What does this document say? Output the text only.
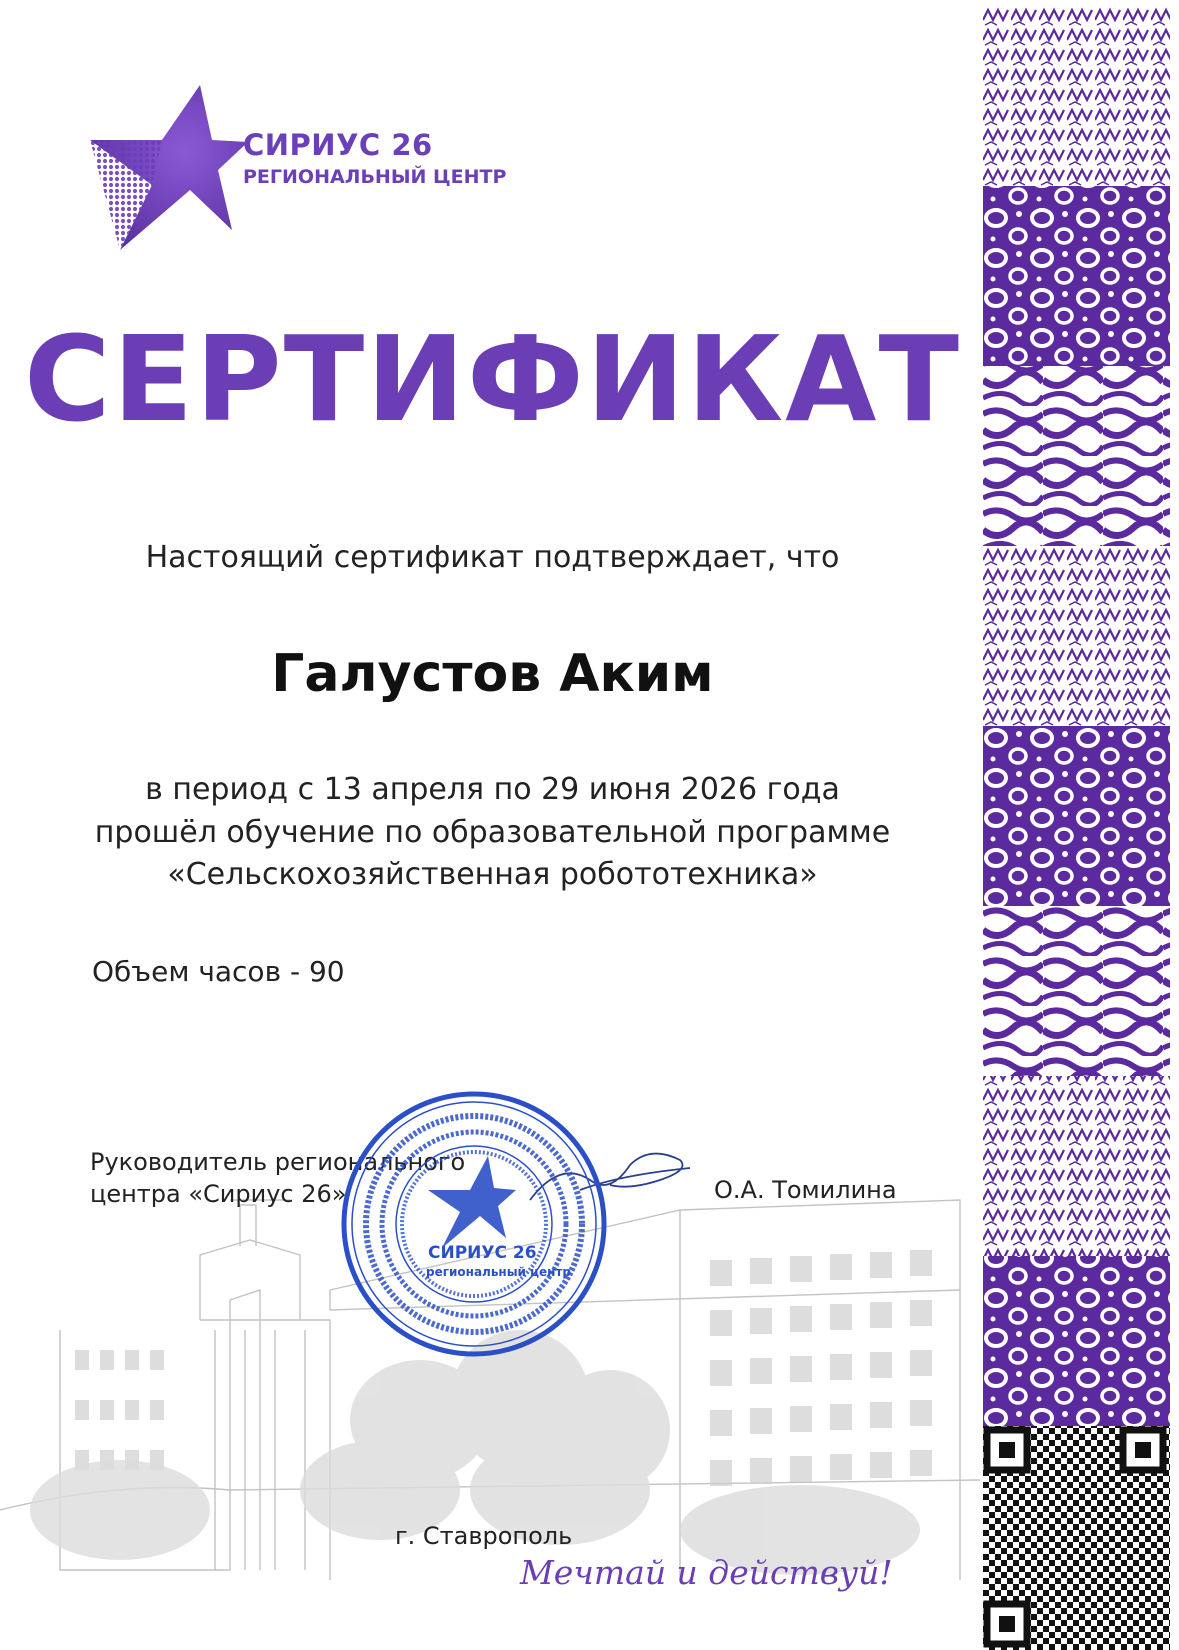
СИРИУС 26
РЕГИОНАЛЬНЫЙ ЦЕНТР
СЕРТИФИКАТ
Настоящий сертификат подтверждает, что
Галустов Аким
в период с 13 апреля по 29 июня 2026 года
прошёл обучение по образовательной программе
«Сельскохозяйственная робототехника»
Объем часов - 90
Руководитель регионального
центра «Сириус 26»	О.А. Томилина
СИРИУС 26
региональный центр
г. Ставрополь
Мечтай и действуй!
